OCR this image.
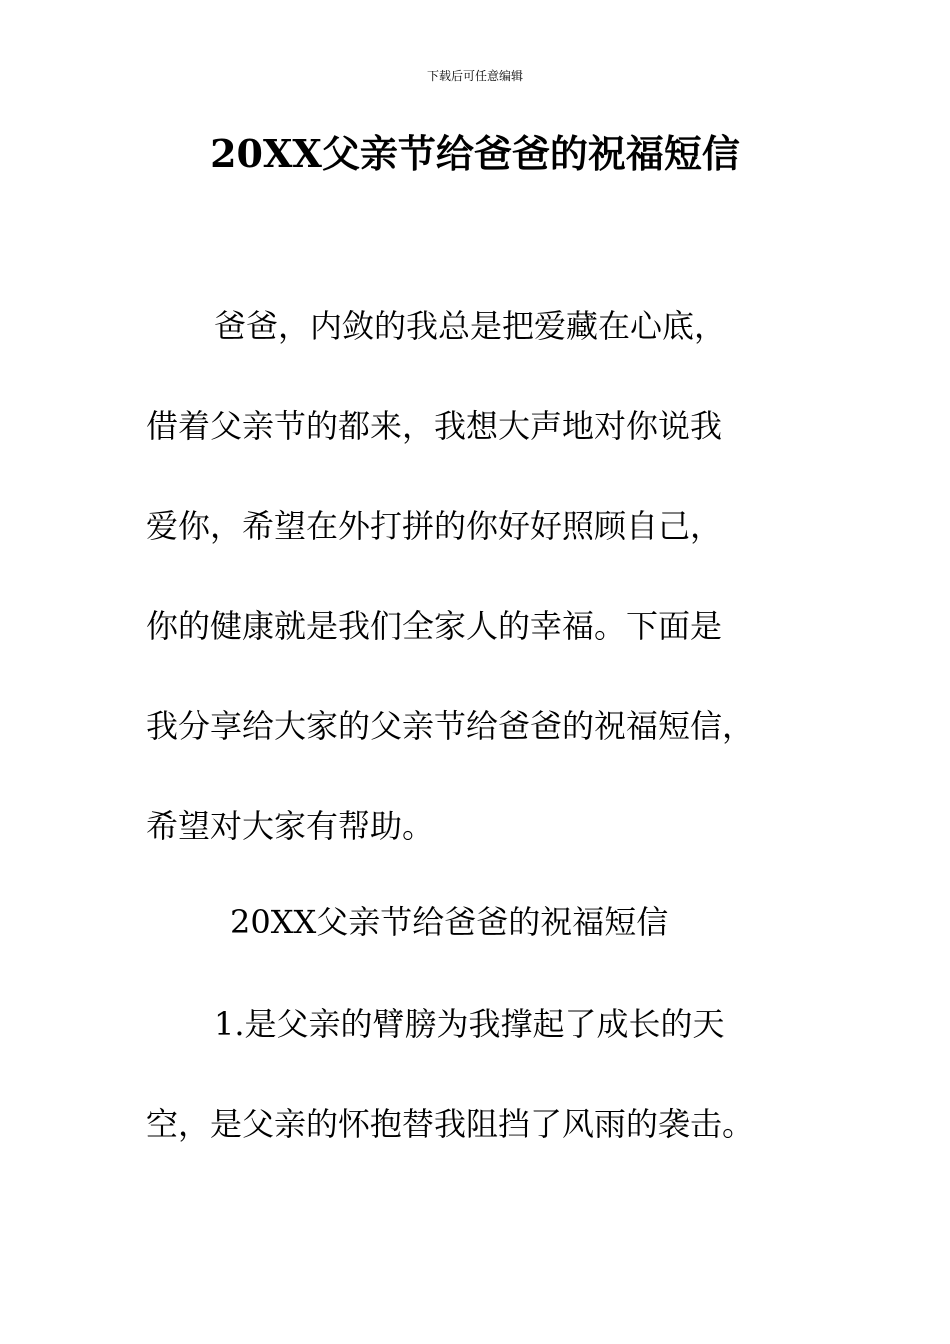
下载后可任意编辑
20XX父亲节给爸爸的祝福短信
爸爸，内敛的我总是把爱藏在心底，
借着父亲节的都来，我想大声地对你说我
爱你，希望在外打拼的你好好照顾自己，
你的健康就是我们全家人的幸福。下面是
我分享给大家的父亲节给爸爸的祝福短信，
希望对大家有帮助。
20XX父亲节给爸爸的祝福短信
1.是父亲的臂膀为我撑起了成长的天
空，是父亲的怀抱替我阻挡了风雨的袭击。
